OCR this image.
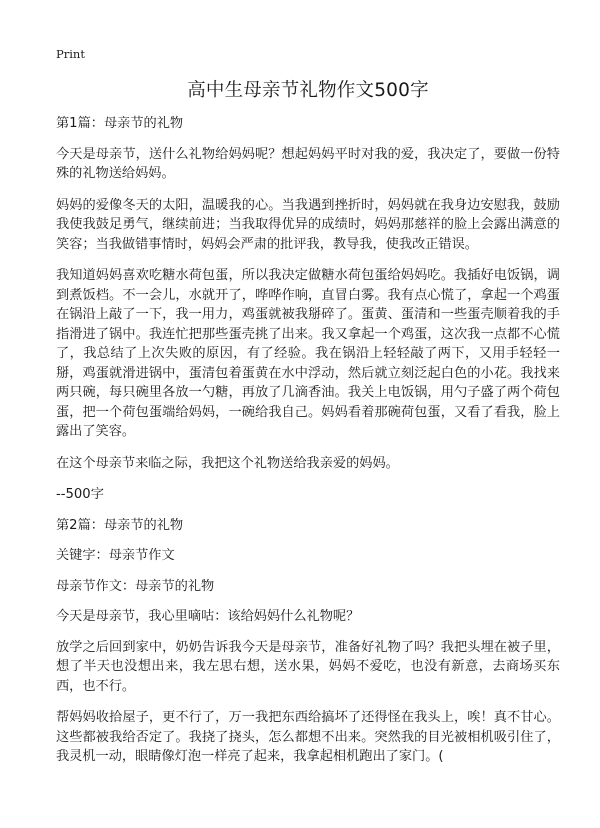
Print
高中生母亲节礼物作文500字

第1篇：母亲节的礼物

今天是母亲节，送什么礼物给妈妈呢？想起妈妈平时对我的爱，我决定了，要做一份特殊的礼物送给妈妈。

妈妈的爱像冬天的太阳，温暖我的心。当我遇到挫折时，妈妈就在我身边安慰我，鼓励我使我鼓足勇气，继续前进；当我取得优异的成绩时，妈妈那慈祥的脸上会露出满意的笑容；当我做错事情时，妈妈会严肃的批评我，教导我，使我改正错误。

我知道妈妈喜欢吃糖水荷包蛋，所以我决定做糖水荷包蛋给妈妈吃。我插好电饭锅，调到煮饭档。不一会儿，水就开了，哗哗作响，直冒白雾。我有点心慌了，拿起一个鸡蛋在锅沿上敲了一下，我一用力，鸡蛋就被我掰碎了。蛋黄、蛋清和一些蛋壳顺着我的手指滑进了锅中。我连忙把那些蛋壳挑了出来。我又拿起一个鸡蛋，这次我一点都不心慌了，我总结了上次失败的原因，有了经验。我在锅沿上轻轻敲了两下，又用手轻轻一掰，鸡蛋就滑进锅中，蛋清包着蛋黄在水中浮动，然后就立刻泛起白色的小花。我找来两只碗，每只碗里各放一勺糖，再放了几滴香油。我关上电饭锅，用勺子盛了两个荷包蛋，把一个荷包蛋端给妈妈，一碗给我自己。妈妈看着那碗荷包蛋，又看了看我，脸上露出了笑容。

在这个母亲节来临之际，我把这个礼物送给我亲爱的妈妈。

--500字

第2篇：母亲节的礼物

关键字：母亲节作文

母亲节作文：母亲节的礼物

今天是母亲节，我心里嘀咕：该给妈妈什么礼物呢？

放学之后回到家中，奶奶告诉我今天是母亲节，准备好礼物了吗？我把头埋在被子里，想了半天也没想出来，我左思右想，送水果，妈妈不爱吃，也没有新意，去商场买东西，也不行。

帮妈妈收拾屋子，更不行了，万一我把东西给搞坏了还得怪在我头上，唉！真不甘心。这些都被我给否定了。我挠了挠头，怎么都想不出来。突然我的目光被相机吸引住了，我灵机一动，眼睛像灯泡一样亮了起来，我拿起相机跑出了家门。(
